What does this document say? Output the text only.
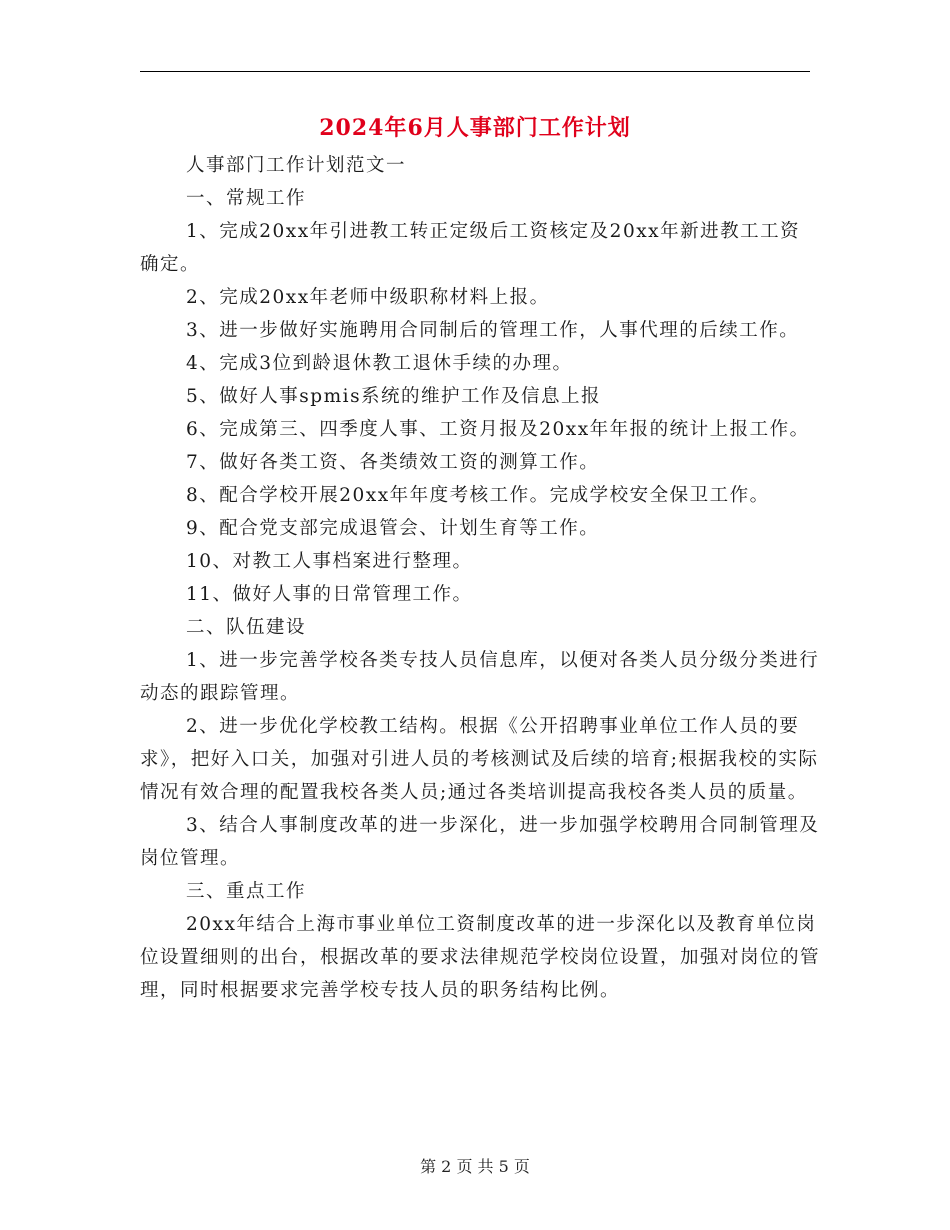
2024年6月人事部门工作计划

人事部门工作计划范文一

一、常规工作

1、完成20xx年引进教工转正定级后工资核定及20xx年新进教工工资确定。

2、完成20xx年老师中级职称材料上报。

3、进一步做好实施聘用合同制后的管理工作，人事代理的后续工作。

4、完成3位到龄退休教工退休手续的办理。

5、做好人事spmis系统的维护工作及信息上报

6、完成第三、四季度人事、工资月报及20xx年年报的统计上报工作。

7、做好各类工资、各类绩效工资的测算工作。

8、配合学校开展20xx年年度考核工作。完成学校安全保卫工作。

9、配合党支部完成退管会、计划生育等工作。

10、对教工人事档案进行整理。

11、做好人事的日常管理工作。

二、队伍建设

1、进一步完善学校各类专技人员信息库，以便对各类人员分级分类进行动态的跟踪管理。

2、进一步优化学校教工结构。根据《公开招聘事业单位工作人员的要求》，把好入口关，加强对引进人员的考核测试及后续的培育;根据我校的实际情况有效合理的配置我校各类人员;通过各类培训提高我校各类人员的质量。

3、结合人事制度改革的进一步深化，进一步加强学校聘用合同制管理及岗位管理。

三、重点工作

20xx年结合上海市事业单位工资制度改革的进一步深化以及教育单位岗位设置细则的出台，根据改革的要求法律规范学校岗位设置，加强对岗位的管理，同时根据要求完善学校专技人员的职务结构比例。

第 2 页 共 5 页
